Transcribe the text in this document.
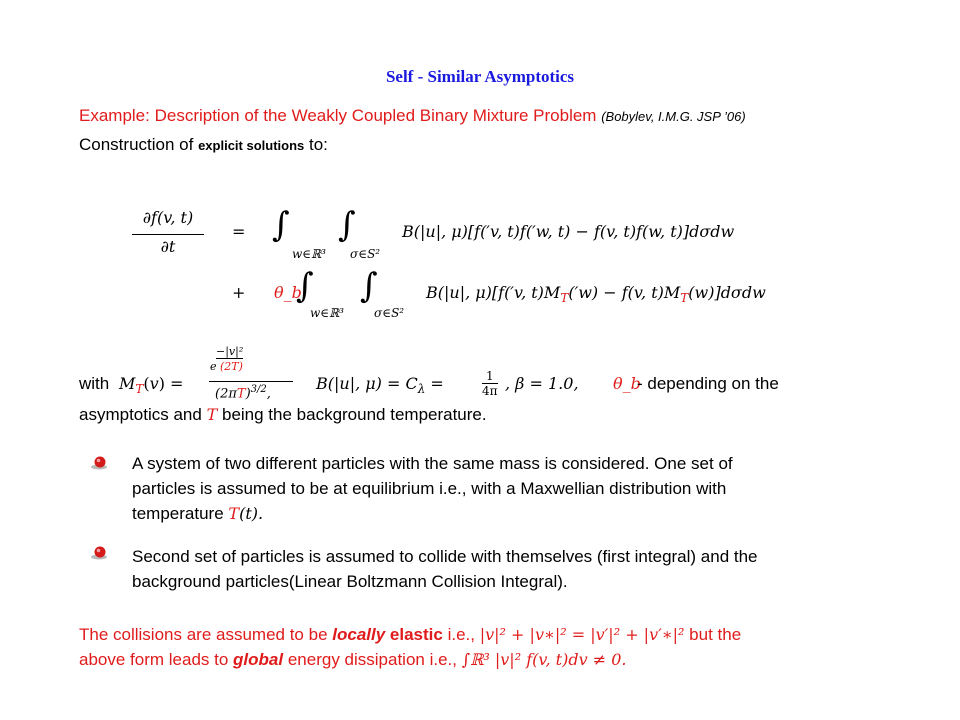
Self - Similar Asymptotics
Example: Description of the Weakly Coupled Binary Mixture Problem (Bobylev, I.M.G. JSP ’06)
Construction of explicit solutions to:
∂f(v, t)
∂t
= ∫
w∈ℝ³
∫
σ∈S²
B(|u|, μ)[f(′v, t)f(′w, t) − f(v, t)f(w, t)]dσdw
+ θ_b
∫
w∈ℝ³
∫
σ∈S²
B(|u|, μ)[f(′v, $t)M_T('w) - f(v$, $t)M_T(w)]d\sigma dw$
with $M_T(v)$ =
−|v|²
e (2T)
$(2\pi T)^{3/2}$,
B(|u|, $\mu) = C_\lambda$ =	1
4π , β = 1.0, θ_b
- depending on the
asymptotics and T being the background temperature.
A system of two different particles with the same mass is considered. One set of
particles is assumed to be at equilibrium i.e., with a Maxwellian distribution with
temperature T(t).
Second set of particles is assumed to collide with themselves (first integral) and the
background particles(Linear Boltzmann Collision Integral).
The collisions are assumed to be locally elastic i.e., |v|² + |v∗|² = |v′|² + |v′∗|² but the
above form leads to global energy dissipation i.e., ∫ℝ³ |v|² f(v, t)dv ≠ 0.
